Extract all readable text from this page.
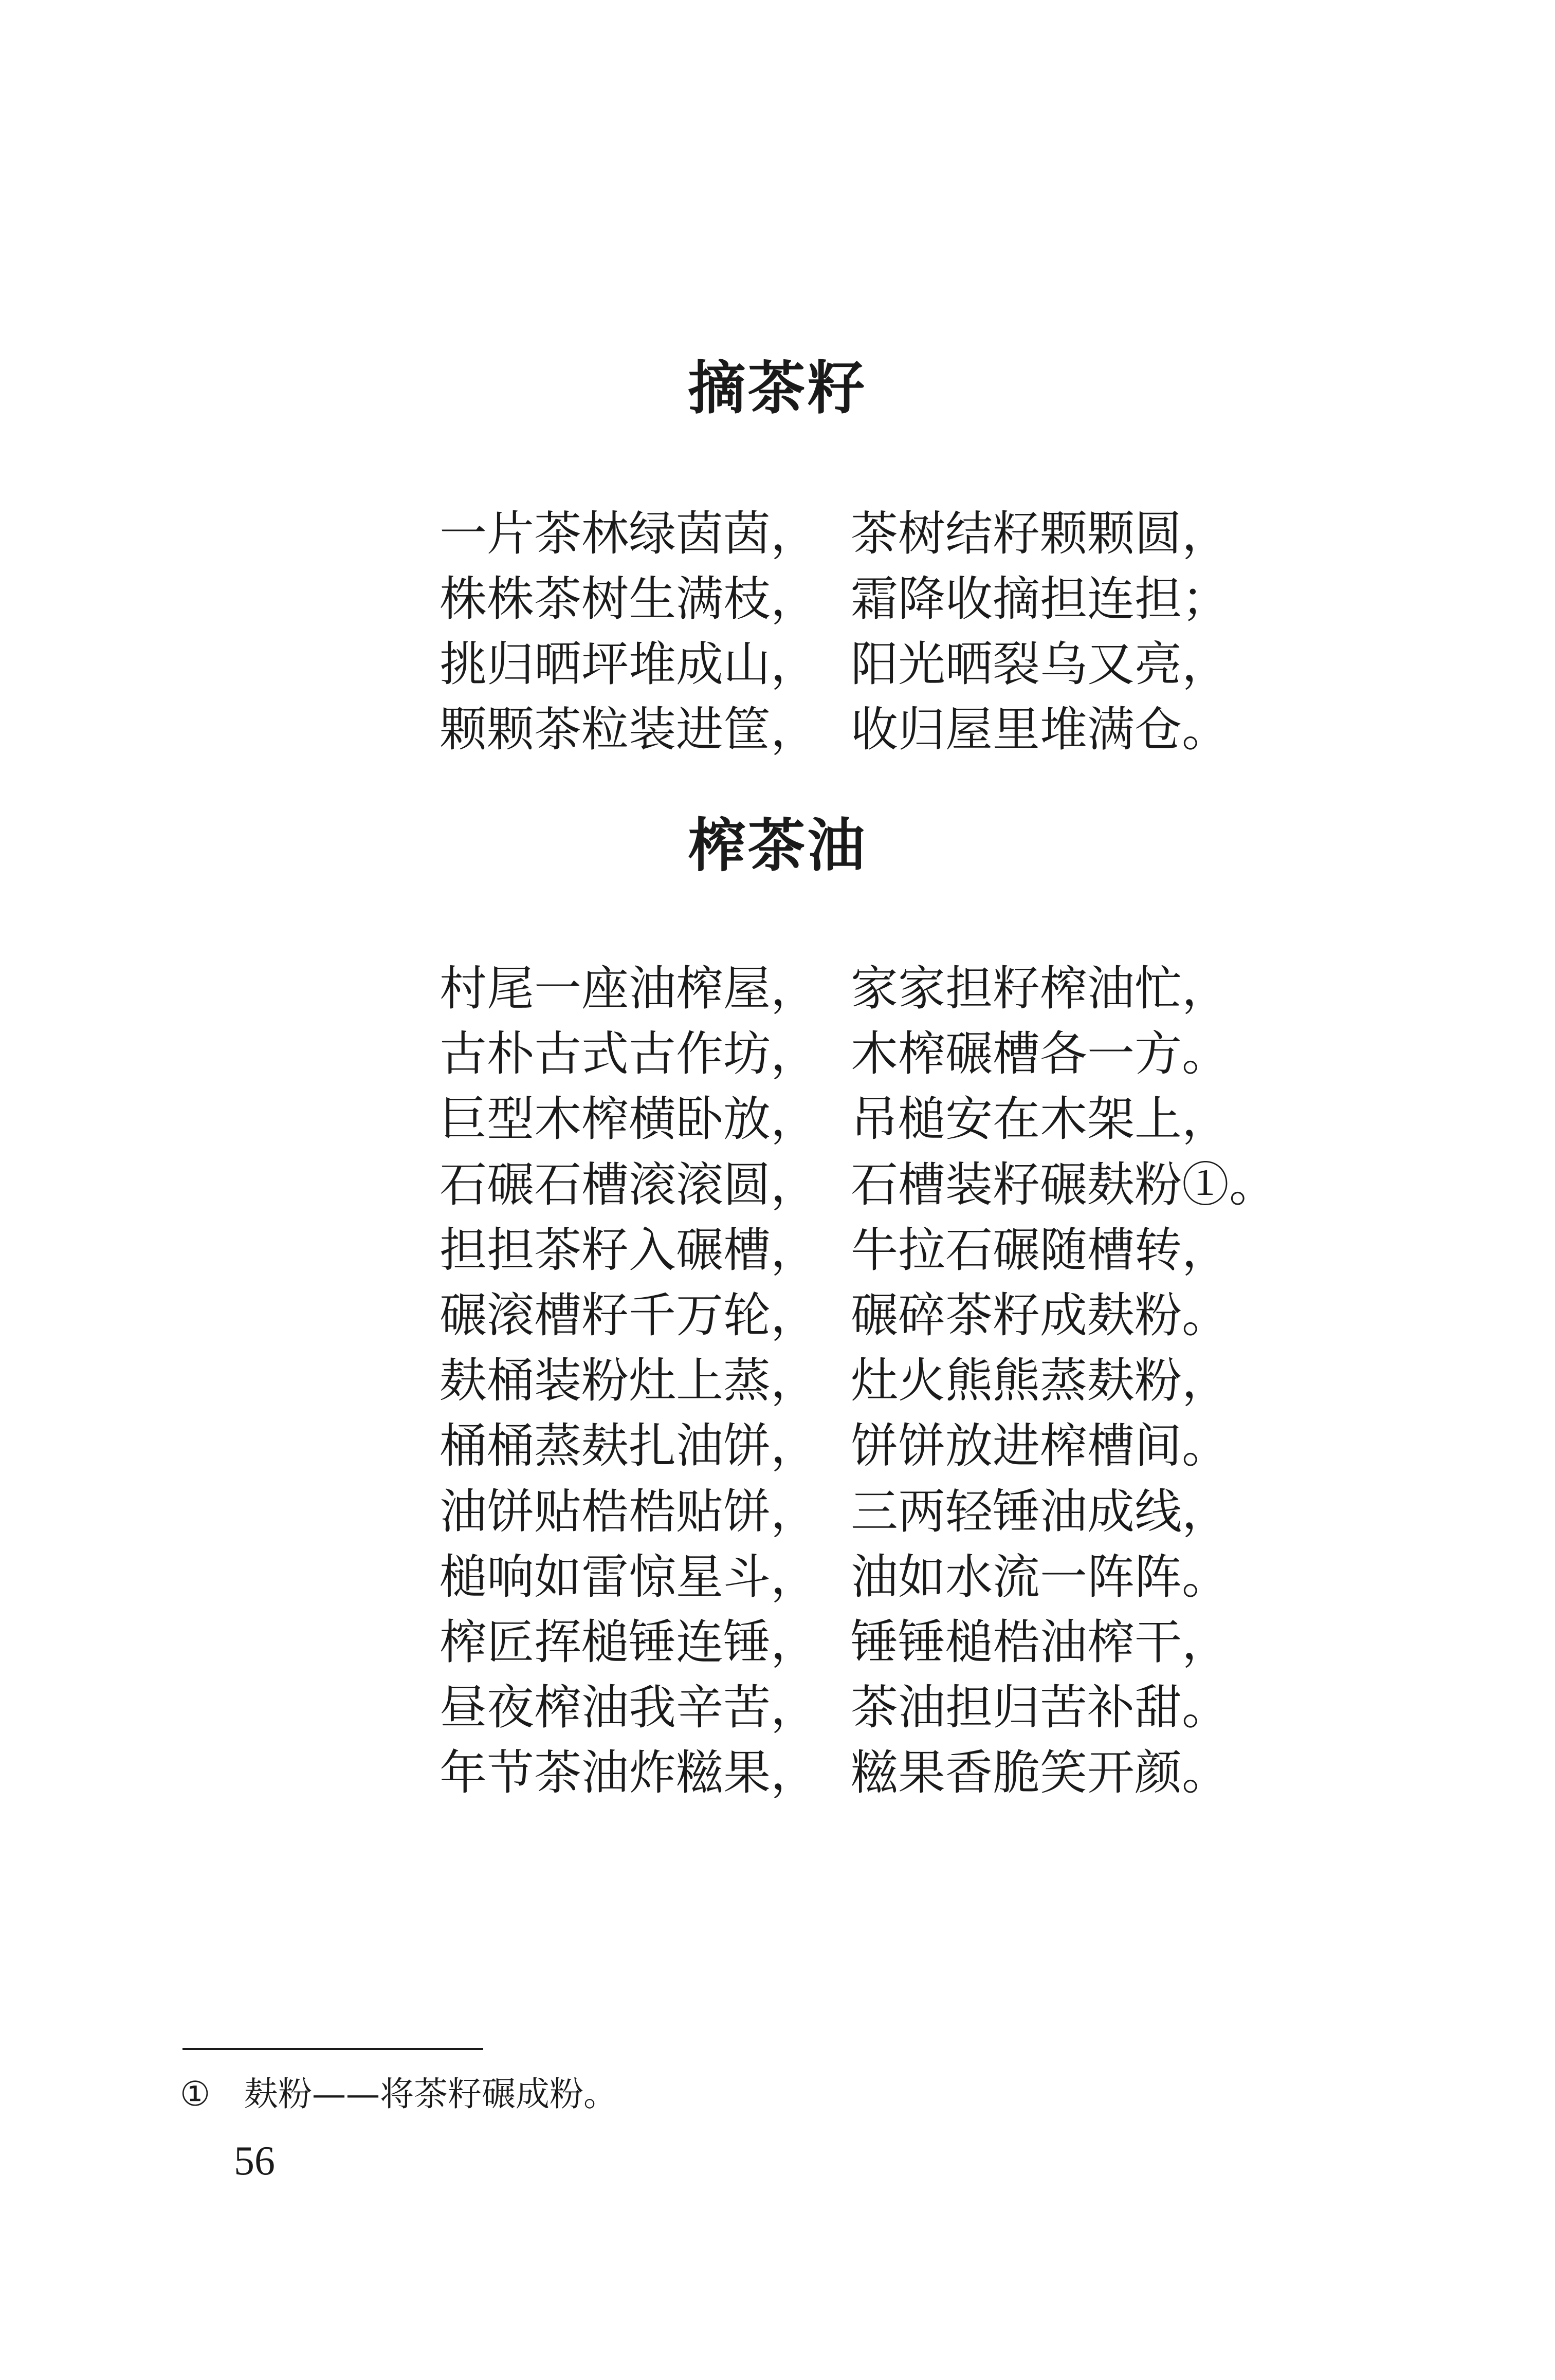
摘茶籽
一片茶林绿茵茵， 茶树结籽颗颗圆，
株株茶树生满枝， 霜降收摘担连担；
挑归晒坪堆成山， 阳光晒裂乌又亮，
颗颗茶粒装进筐， 收归屋里堆满仓。
榨茶油
村尾一座油榨屋， 家家担籽榨油忙，
古朴古式古作坊， 木榨碾槽各一方。
巨型木榨横卧放， 吊槌安在木架上，
石碾石槽滚滚圆， 石槽装籽碾麸粉①。
担担茶籽入碾槽， 牛拉石碾随槽转，
碾滚槽籽千万轮， 碾碎茶籽成麸粉。
麸桶装粉灶上蒸， 灶火熊熊蒸麸粉，
桶桶蒸麸扎油饼， 饼饼放进榨槽间。
油饼贴梏梏贴饼， 三两轻锤油成线，
槌响如雷惊星斗， 油如水流一阵阵。
榨匠挥槌锤连锤， 锤锤槌梏油榨干，
昼夜榨油我辛苦， 茶油担归苦补甜。
年节茶油炸糍果， 糍果香脆笑开颜。
① 麸粉——将茶籽碾成粉。
56
